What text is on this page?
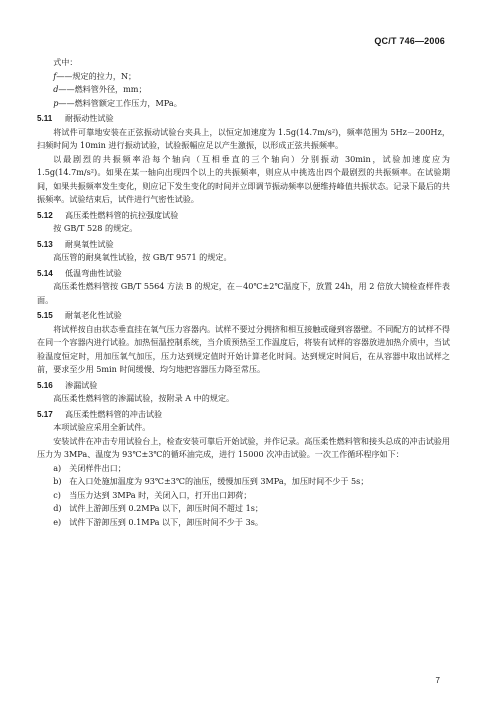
QC/T 746—2006

式中：

f——规定的拉力，N；

d——燃料管外径，mm；

p——燃料管额定工作压力，MPa。

5.11 耐振动性试验

将试件可靠地安装在正弦振动试验台夹具上，以恒定加速度为 1.5g(14.7m/s²)，频率范围为 5Hz－200Hz，扫频时间为 10min 进行振动试验，试验振幅应足以产生激振，以形成正弦共振频率。

以最剧烈的共振频率沿每个轴向（互相垂直的三个轴向）分别振动 30min，试验加速度应为 1.5g(14.7m/s²)。如果在某一轴向出现四个以上的共振频率，则应从中挑选出四个最剧烈的共振频率。在试验期间，如果共振频率发生变化，则应记下发生变化的时间并立即调节振动频率以便维持峰值共振状态。记录下最后的共振频率。试验结束后，试件进行气密性试验。

5.12 高压柔性燃料管的抗拉强度试验

按 GB/T 528 的规定。

5.13 耐臭氧性试验

高压管的耐臭氧性试验，按 GB/T 9571 的规定。

5.14 低温弯曲性试验

高压柔性燃料管按 GB/T 5564 方法 B 的规定，在－40℃±2℃温度下，放置 24h，用 2 倍放大镜检查样件表面。

5.15 耐氧老化性试验

将试样按自由状态垂直挂在氧气压力容器内。试样不要过分拥挤和相互接触或碰到容器壁。不同配方的试样不得在同一个容器内进行试验。加热恒温控制系统，当介质预热至工作温度后，将装有试样的容器放进加热介质中，当试验温度恒定时，用加压氧气加压，压力达到规定值时开始计算老化时间。达到规定时间后，在从容器中取出试样之前，要求至少用 5min 时间缓慢、均匀地把容器压力降至常压。

5.16 渗漏试验

高压柔性燃料管的渗漏试验，按附录 A 中的规定。

5.17 高压柔性燃料管的冲击试验

本项试验应采用全新试件。

安装试件在冲击专用试验台上，检查安装可靠后开始试验，并作记录。高压柔性燃料管和接头总成的冲击试验用压力为 3MPa、温度为 93℃±3℃的循环油完成，进行 15000 次冲击试验。一次工作循环程序如下：

a) 关闭样件出口；

b) 在入口处施加温度为 93℃±3℃的油压，缓慢加压到 3MPa，加压时间不少于 5s；

c) 当压力达到 3MPa 时，关闭入口，打开出口卸荷；

d) 试件上游卸压到 0.2MPa 以下，卸压时间不超过 1s；

e) 试件下游卸压到 0.1MPa 以下，卸压时间不少于 3s。

7
